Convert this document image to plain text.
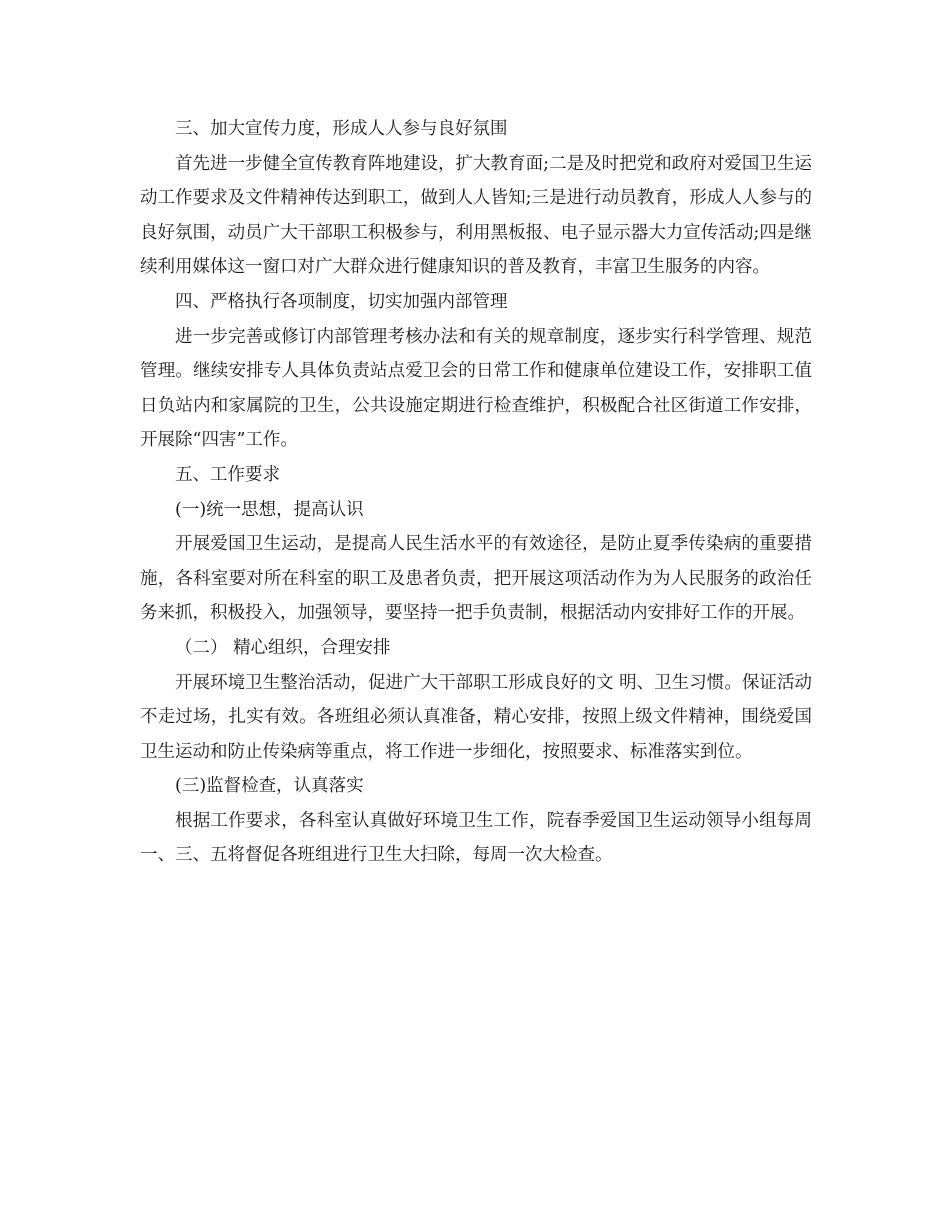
三、加大宣传力度，形成人人参与良好氛围

首先进一步健全宣传教育阵地建设，扩大教育面;二是及时把党和政府对爱国卫生运动工作要求及文件精神传达到职工，做到人人皆知;三是进行动员教育，形成人人参与的良好氛围，动员广大干部职工积极参与，利用黑板报、电子显示器大力宣传活动;四是继续利用媒体这一窗口对广大群众进行健康知识的普及教育，丰富卫生服务的内容。

四、严格执行各项制度，切实加强内部管理

进一步完善或修订内部管理考核办法和有关的规章制度，逐步实行科学管理、规范管理。继续安排专人具体负责站点爱卫会的日常工作和健康单位建设工作，安排职工值日负站内和家属院的卫生，公共设施定期进行检查维护，积极配合社区街道工作安排，开展除“四害”工作。

五、工作要求

(一)统一思想，提高认识

开展爱国卫生运动，是提高人民生活水平的有效途径，是防止夏季传染病的重要措施，各科室要对所在科室的职工及患者负责，把开展这项活动作为为人民服务的政治任务来抓，积极投入，加强领导，要坚持一把手负责制，根据活动内安排好工作的开展。

（二） 精心组织，合理安排

开展环境卫生整治活动，促进广大干部职工形成良好的文 明、卫生习惯。保证活动不走过场，扎实有效。各班组必须认真准备，精心安排，按照上级文件精神，围绕爱国卫生运动和防止传染病等重点，将工作进一步细化，按照要求、标准落实到位。

(三)监督检查，认真落实

根据工作要求，各科室认真做好环境卫生工作，院春季爱国卫生运动领导小组每周一、三、五将督促各班组进行卫生大扫除，每周一次大检查。
